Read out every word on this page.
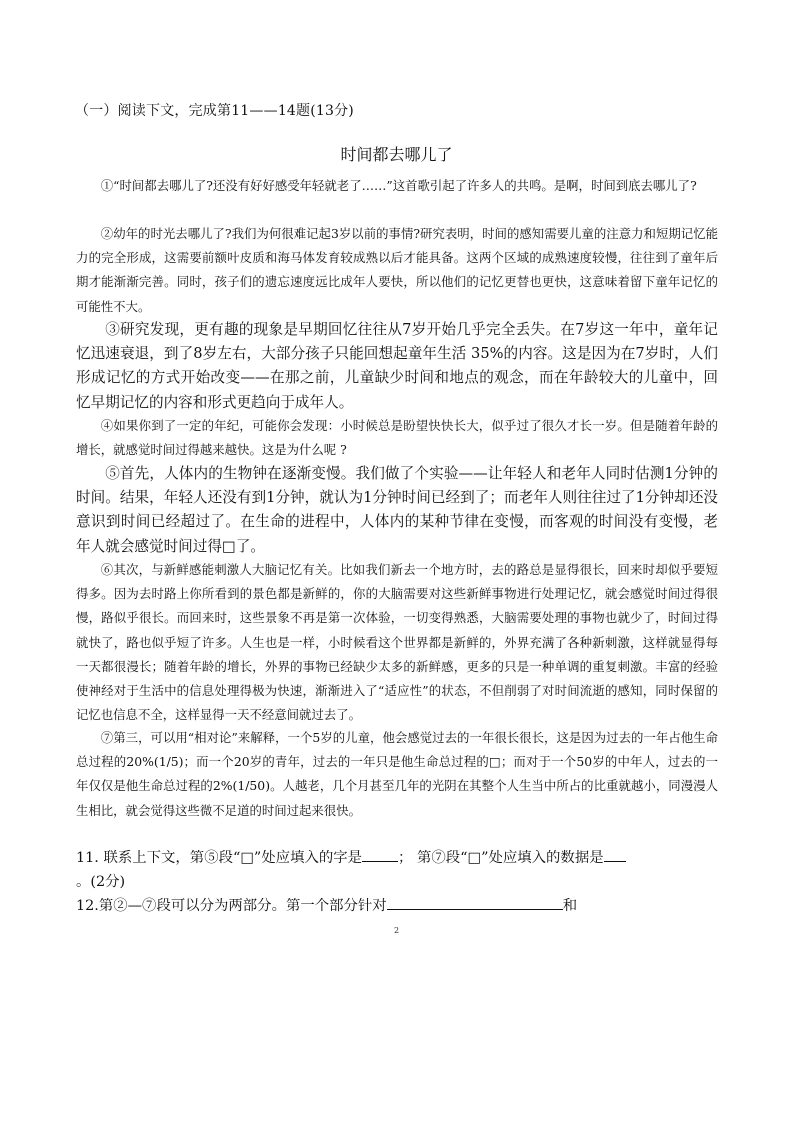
（一）阅读下文，完成第11——14题(13分)
时间都去哪儿了

①“时间都去哪儿了?还没有好好感受年轻就老了……”这首歌引起了许多人的共鸣。是啊，时间到底去哪儿了?

②幼年的时光去哪儿了?我们为何很难记起3岁以前的事情?研究表明，时间的感知需要儿童的注意力和短期记忆能力的完全形成，这需要前额叶皮质和海马体发育较成熟以后才能具备。这两个区域的成熟速度较慢，往往到了童年后期才能渐渐完善。同时，孩子们的遗忘速度远比成年人要快，所以他们的记忆更替也更快，这意味着留下童年记忆的可能性不大。

③研究发现，更有趣的现象是早期回忆往往从7岁开始几乎完全丢失。在7岁这一年中，童年记忆迅速衰退，到了8岁左右，大部分孩子只能回想起童年生活 35%的内容。这是因为在7岁时，人们形成记忆的方式开始改变——在那之前，儿童缺少时间和地点的观念，而在年龄较大的儿童中，回忆早期记忆的内容和形式更趋向于成年人。

④如果你到了一定的年纪，可能你会发现：小时候总是盼望快快长大，似乎过了很久才长一岁。但是随着年龄的增长，就感觉时间过得越来越快。这是为什么呢 ?

⑤首先，人体内的生物钟在逐渐变慢。我们做了个实验——让年轻人和老年人同时估测1分钟的时间。结果，年轻人还没有到1分钟，就认为1分钟时间已经到了；而老年人则往往过了1分钟却还没意识到时间已经超过了。在生命的进程中，人体内的某种节律在变慢，而客观的时间没有变慢，老年人就会感觉时间过得□了。

⑥其次，与新鲜感能刺激人大脑记忆有关。比如我们新去一个地方时，去的路总是显得很长，回来时却似乎要短得多。因为去时路上你所看到的景色都是新鲜的，你的大脑需要对这些新鲜事物进行处理记忆，就会感觉时间过得很慢，路似乎很长。而回来时，这些景象不再是第一次体验，一切变得熟悉，大脑需要处理的事物也就少了，时间过得就快了，路也似乎短了许多。人生也是一样，小时候看这个世界都是新鲜的，外界充满了各种新刺激，这样就显得每一天都很漫长；随着年龄的增长，外界的事物已经缺少太多的新鲜感，更多的只是一种单调的重复刺激。丰富的经验使神经对于生活中的信息处理得极为快速，渐渐进入了“适应性”的状态，不但削弱了对时间流逝的感知，同时保留的记忆也信息不全，这样显得一天不经意间就过去了。

⑦第三，可以用“相对论”来解释，一个5岁的儿童，他会感觉过去的一年很长很长，这是因为过去的一年占他生命总过程的20%(1/5)；而一个20岁的青年，过去的一年只是他生命总过程的□；而对于一个50岁的中年人，过去的一年仅仅是他生命总过程的2%(1/50)。人越老，几个月甚至几年的光阴在其整个人生当中所占的比重就越小，同漫漫人生相比，就会觉得这些微不足道的时间过起来很快。

11. 联系上下文，第⑤段“□”处应填入的字是	； 第⑦段“□”处应填入的数据是
。(2分)
12.第②—⑦段可以分为两部分。第一个部分针对	和
2
